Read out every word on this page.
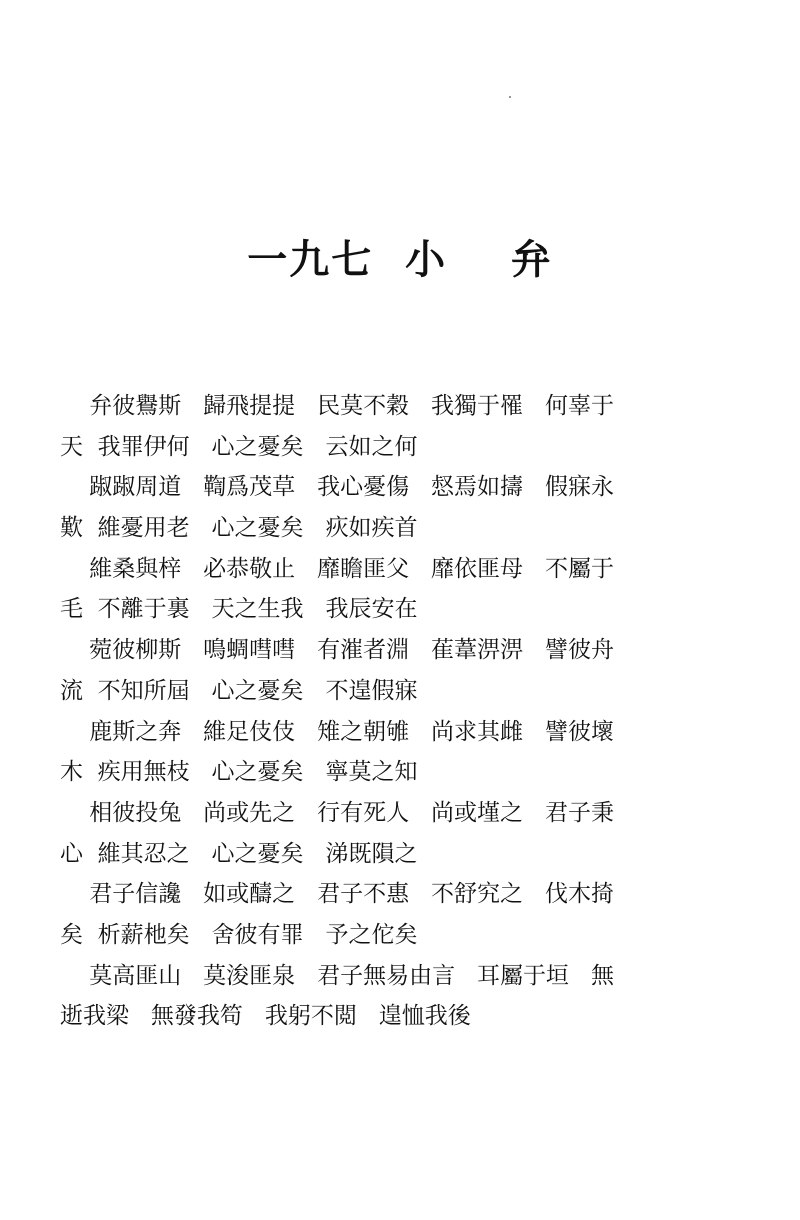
一九七  小    弁
弁彼鸒斯   歸飛提提   民莫不穀   我獨于罹   何辜于
天  我罪伊何   心之憂矣   云如之何
踧踧周道   鞫爲茂草   我心憂傷   惄焉如擣   假寐永
歎  維憂用老   心之憂矣   疢如疾首
維桑與梓   必恭敬止   靡瞻匪父   靡依匪母   不屬于
毛  不離于裏   天之生我   我辰安在
菀彼柳斯   鳴蜩嘒嘒   有漼者淵   萑葦淠淠   譬彼舟
流  不知所屆   心之憂矣   不遑假寐
鹿斯之奔   維足伎伎   雉之朝雊   尚求其雌   譬彼壞
木  疾用無枝   心之憂矣   寧莫之知
相彼投兔   尚或先之   行有死人   尚或墐之   君子秉
心  維其忍之   心之憂矣   涕既隕之
君子信讒   如或醻之   君子不惠   不舒究之   伐木掎
矣  析薪杝矣   舍彼有罪   予之佗矣
莫高匪山   莫浚匪泉   君子無易由言   耳屬于垣   無
逝我梁   無發我笱   我躬不閲   遑恤我後
